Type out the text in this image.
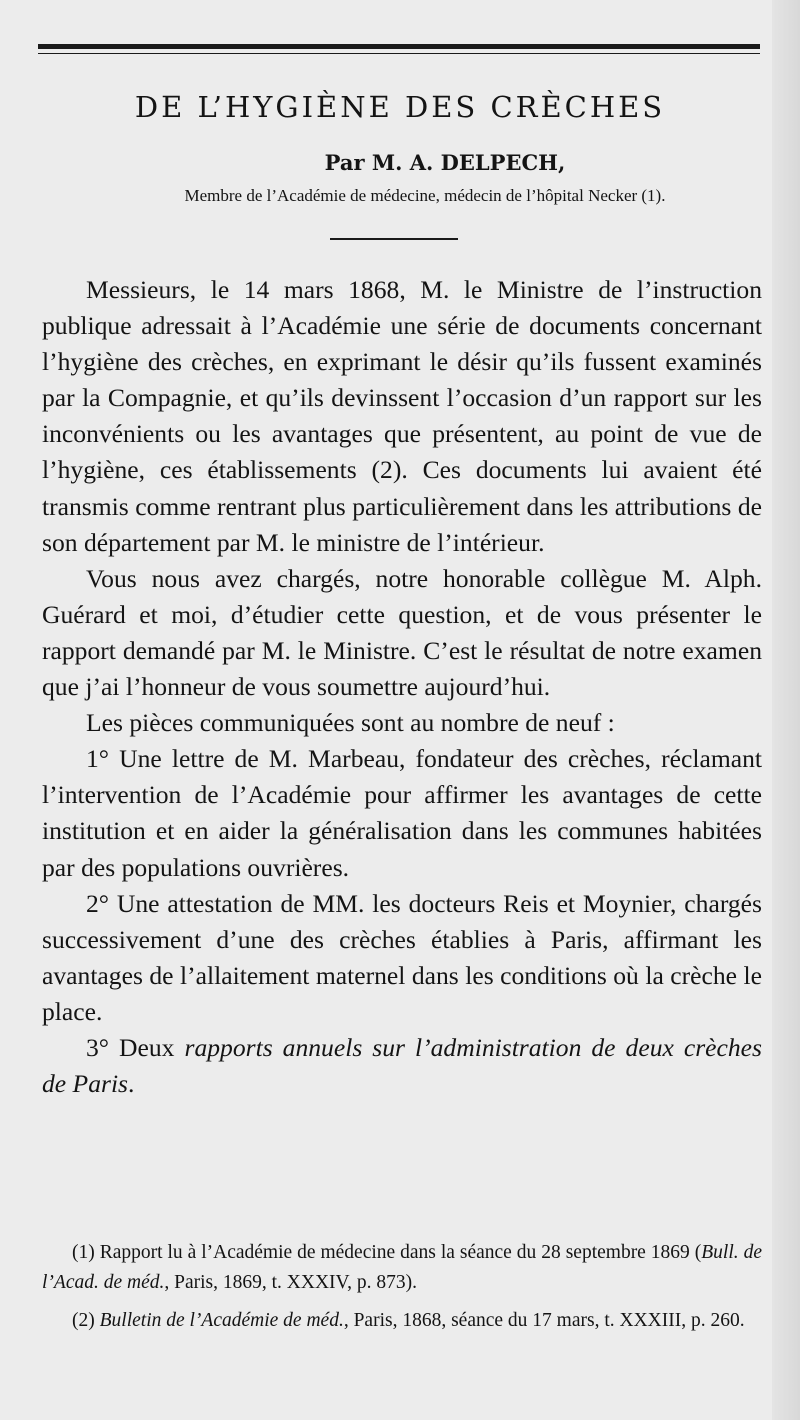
DE L’HYGIÈNE DES CRÈCHES
Par M. A. DELPECH,
Membre de l’Académie de médecine, médecin de l’hôpital Necker (1).

Messieurs, le 14 mars 1868, M. le Ministre de l’instruction publique adressait à l’Académie une série de documents concernant l’hygiène des crèches, en exprimant le désir qu’ils fussent examinés par la Compagnie, et qu’ils devinssent l’occasion d’un rapport sur les inconvénients ou les avantages que présentent, au point de vue de l’hygiène, ces établissements (2). Ces documents lui avaient été transmis comme rentrant plus particulièrement dans les attributions de son département par M. le ministre de l’intérieur.

Vous nous avez chargés, notre honorable collègue M. Alph. Guérard et moi, d’étudier cette question, et de vous présenter le rapport demandé par M. le Ministre. C’est le résultat de notre examen que j’ai l’honneur de vous soumettre aujourd’hui.

Les pièces communiquées sont au nombre de neuf :

1° Une lettre de M. Marbeau, fondateur des crèches, réclamant l’intervention de l’Académie pour affirmer les avantages de cette institution et en aider la généralisation dans les communes habitées par des populations ouvrières.

2° Une attestation de MM. les docteurs Reis et Moynier, chargés successivement d’une des crèches établies à Paris, affirmant les avantages de l’allaitement maternel dans les conditions où la crèche le place.

3° Deux rapports annuels sur l’administration de deux crèches de Paris.

(1) Rapport lu à l’Académie de médecine dans la séance du 28 septembre 1869 (Bull. de l’Acad. de méd., Paris, 1869, t. XXXIV, p. 873).

(2) Bulletin de l’Académie de méd., Paris, 1868, séance du 17 mars, t. XXXIII, p. 260.
